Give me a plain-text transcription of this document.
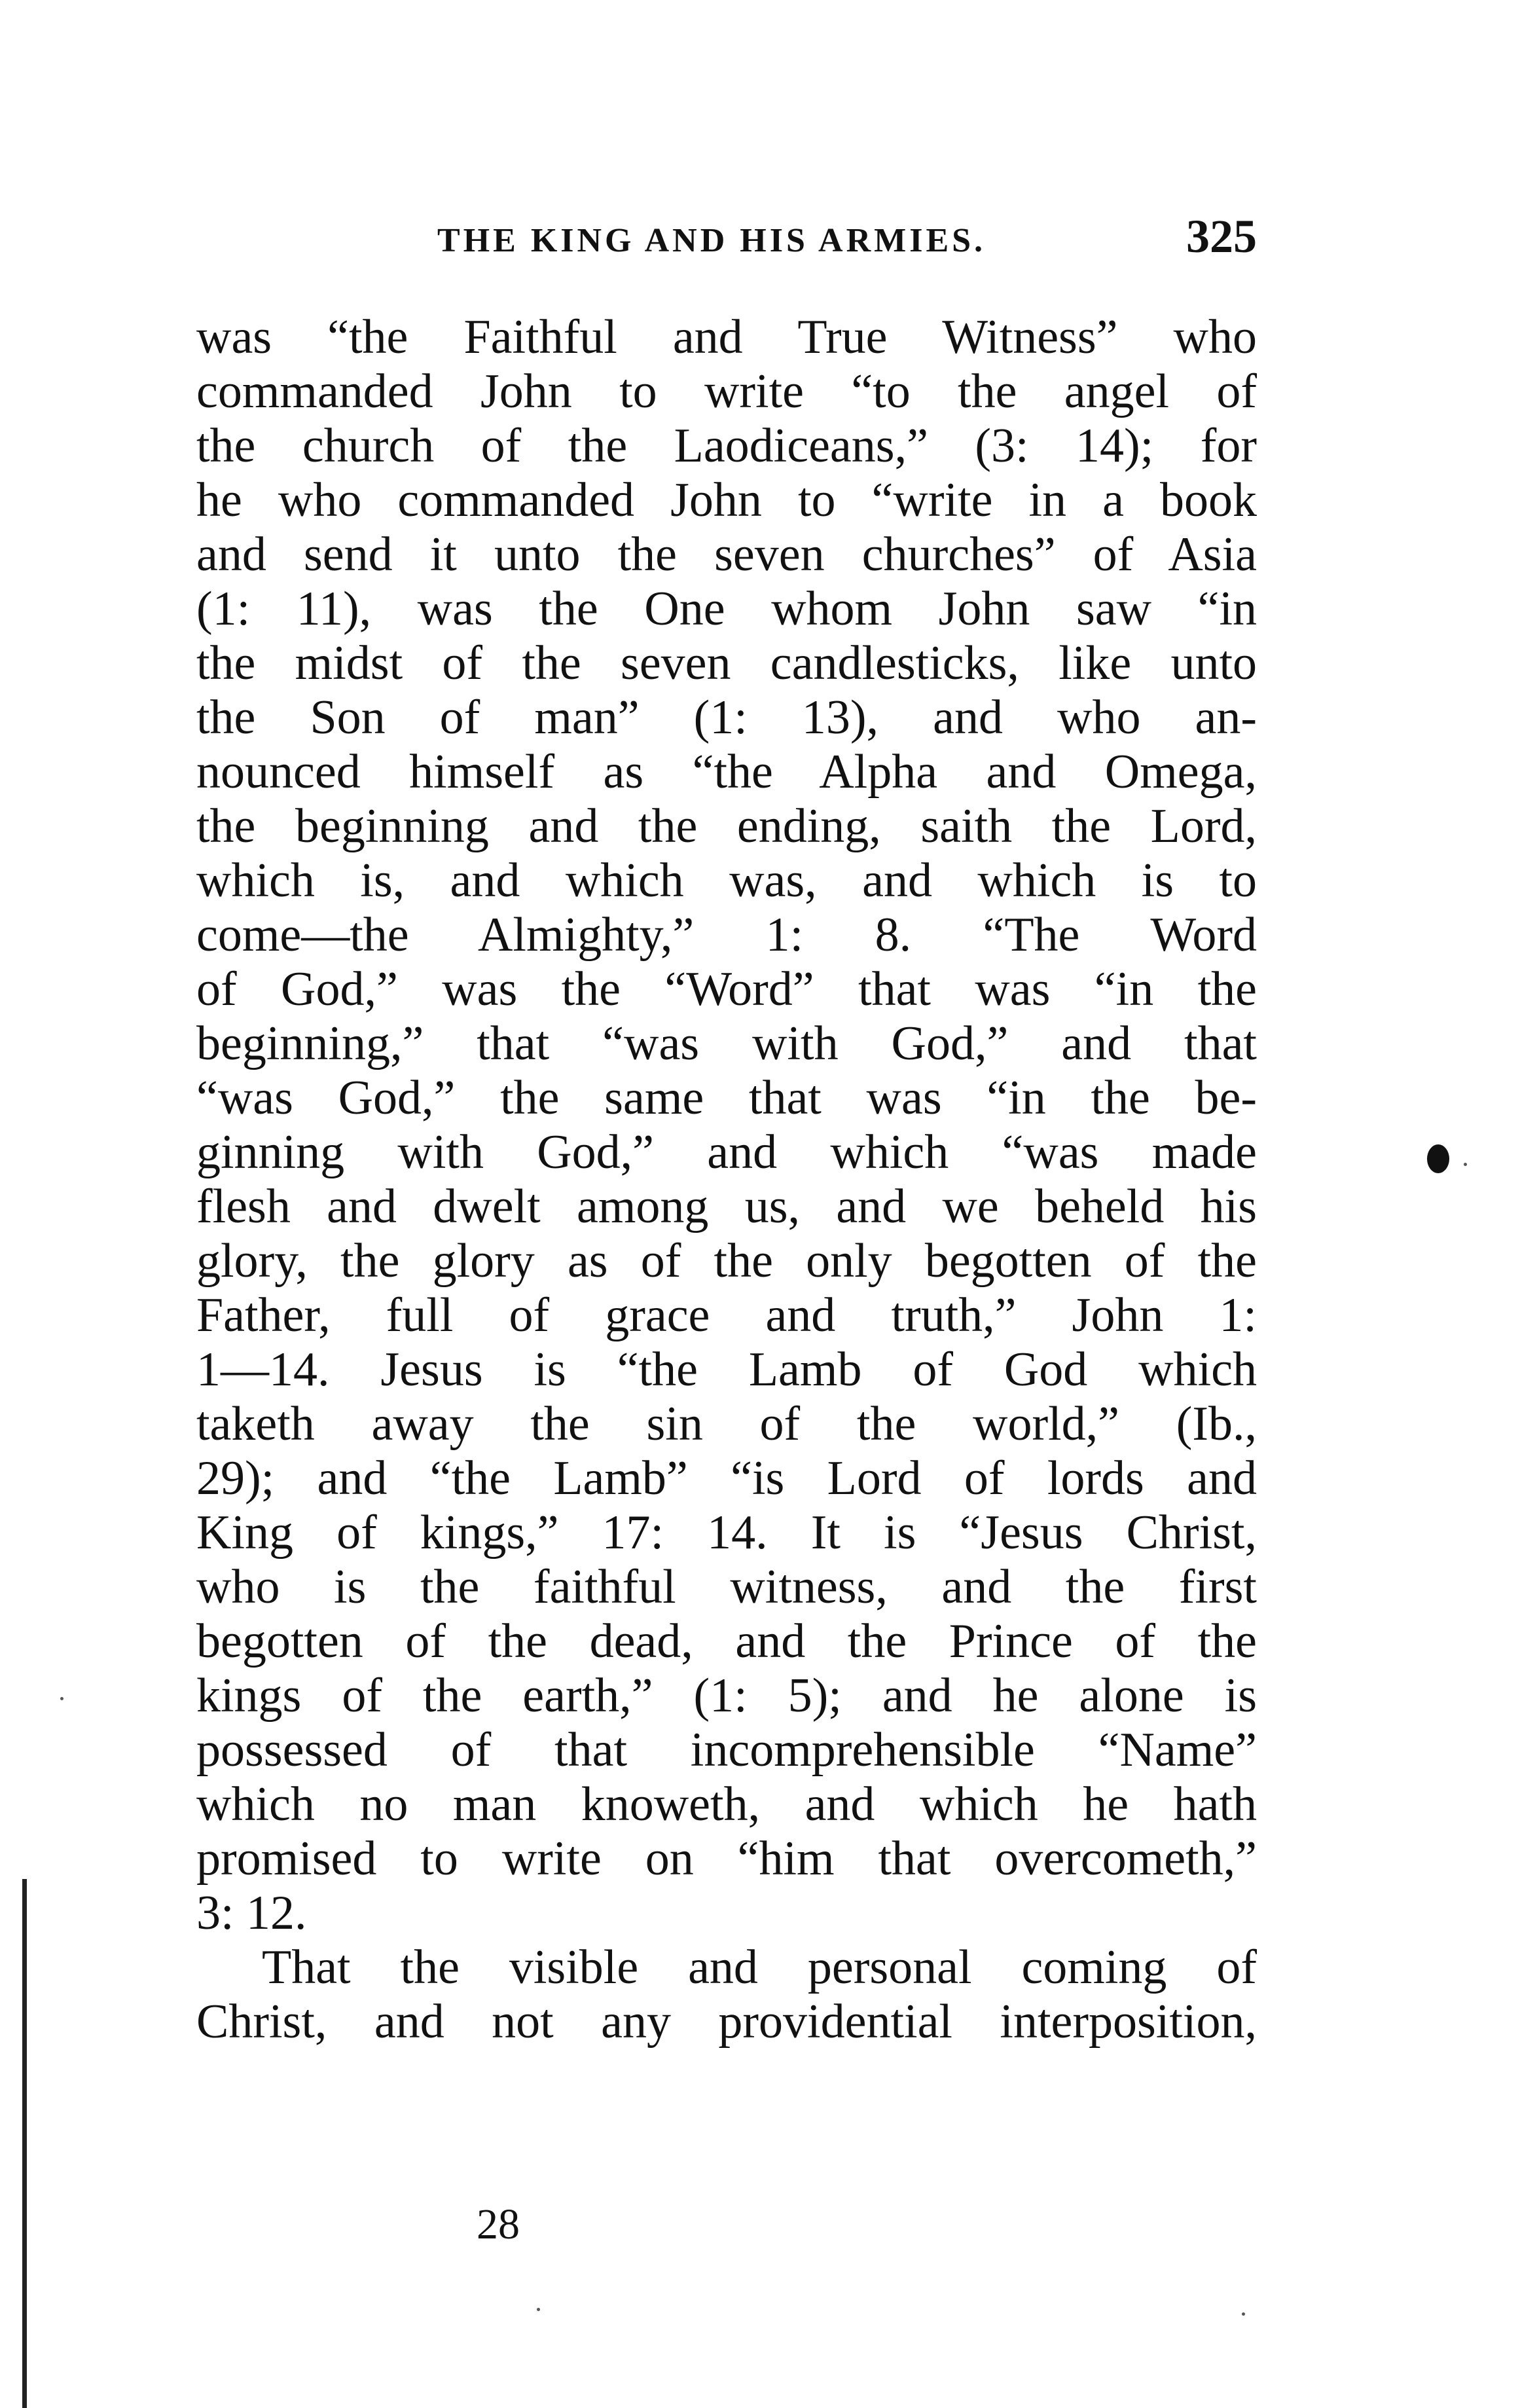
THE KING AND HIS ARMIES.	325
was “the Faithful and True Witness” who
commanded John to write “to the angel of
the church of the Laodiceans,” (3: 14); for
he who commanded John to “write in a book
and send it unto the seven churches” of Asia
(1: 11), was the One whom John saw “in
the midst of the seven candlesticks, like unto
the Son of man” (1: 13), and who an-
nounced himself as “the Alpha and Omega,
the beginning and the ending, saith the Lord,
which is, and which was, and which is to
come—the Almighty,” 1: 8. “The Word
of God,” was the “Word” that was “in the
beginning,” that “was with God,” and that
“was God,” the same that was “in the be-
ginning with God,” and which “was made
flesh and dwelt among us, and we beheld his
glory, the glory as of the only begotten of the
Father, full of grace and truth,” John 1:
1—14. Jesus is “the Lamb of God which
taketh away the sin of the world,” (Ib.,
29); and “the Lamb” “is Lord of lords and
King of kings,” 17: 14. It is “Jesus Christ,
who is the faithful witness, and the first
begotten of the dead, and the Prince of the
kings of the earth,” (1: 5); and he alone is
possessed of that incomprehensible “Name”
which no man knoweth, and which he hath
promised to write on “him that overcometh,”
3: 12.
That the visible and personal coming of
Christ, and not any providential interposition,
28
